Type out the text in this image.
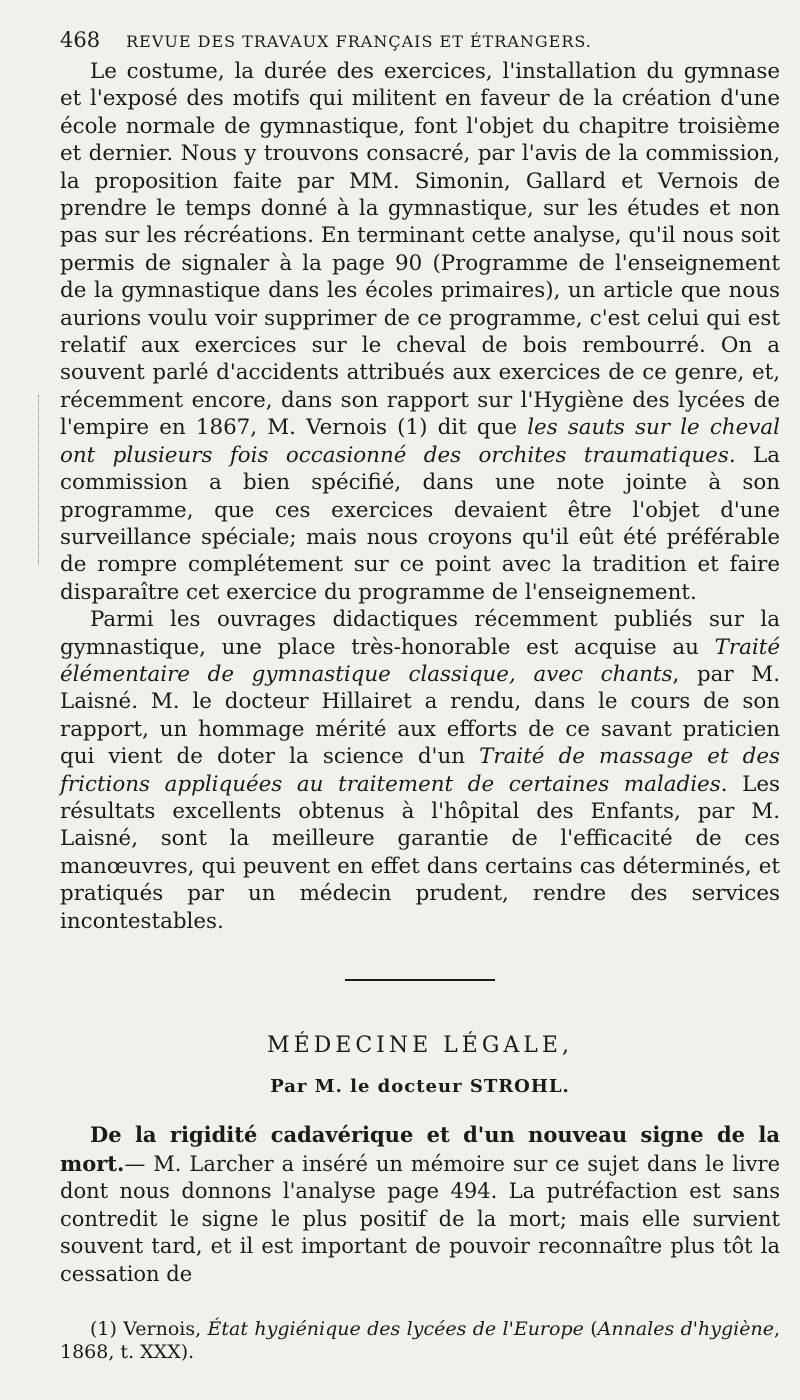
468 REVUE DES TRAVAUX FRANÇAIS ET ÉTRANGERS.

Le costume, la durée des exercices, l'installation du gymnase et l'exposé des motifs qui militent en faveur de la création d'une école normale de gymnastique, font l'objet du chapitre troisième et dernier. Nous y trouvons consacré, par l'avis de la commission, la proposition faite par MM. Simonin, Gallard et Vernois de prendre le temps donné à la gymnastique, sur les études et non pas sur les récréations. En terminant cette analyse, qu'il nous soit permis de signaler à la page 90 (Programme de l'enseignement de la gymnastique dans les écoles primaires), un article que nous aurions voulu voir supprimer de ce programme, c'est celui qui est relatif aux exercices sur le cheval de bois rembourré. On a souvent parlé d'accidents attribués aux exercices de ce genre, et, récemment encore, dans son rapport sur l'Hygiène des lycées de l'empire en 1867, M. Vernois (1) dit que les sauts sur le cheval ont plusieurs fois occasionné des orchites traumatiques. La commission a bien spécifié, dans une note jointe à son programme, que ces exercices devaient être l'objet d'une surveillance spéciale; mais nous croyons qu'il eût été préférable de rompre complétement sur ce point avec la tradition et faire disparaître cet exercice du programme de l'enseignement.

Parmi les ouvrages didactiques récemment publiés sur la gymnastique, une place très-honorable est acquise au Traité élémentaire de gymnastique classique, avec chants, par M. Laisné. M. le docteur Hillairet a rendu, dans le cours de son rapport, un hommage mérité aux efforts de ce savant praticien qui vient de doter la science d'un Traité de massage et des frictions appliquées au traitement de certaines maladies. Les résultats excellents obtenus à l'hôpital des Enfants, par M. Laisné, sont la meilleure garantie de l'efficacité de ces manœuvres, qui peuvent en effet dans certains cas déterminés, et pratiqués par un médecin prudent, rendre des services incontestables.

MÉDECINE LÉGALE,
Par M. le docteur STROHL.

De la rigidité cadavérique et d'un nouveau signe de la mort.— M. Larcher a inséré un mémoire sur ce sujet dans le livre dont nous donnons l'analyse page 494. La putréfaction est sans contredit le signe le plus positif de la mort; mais elle survient souvent tard, et il est important de pouvoir reconnaître plus tôt la cessation de

(1) Vernois, État hygiénique des lycées de l'Europe (Annales d'hygiène, 1868, t. XXX).
